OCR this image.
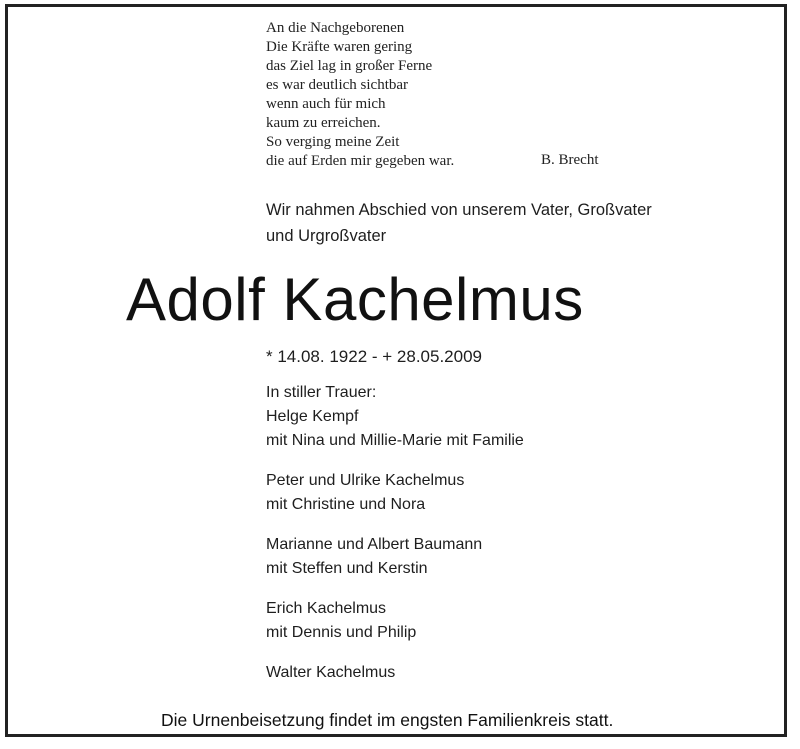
An die Nachgeborenen
Die Kräfte waren gering
das Ziel lag in großer Ferne
es war deutlich sichtbar
wenn auch für mich
kaum zu erreichen.
So verging meine Zeit
die auf Erden mir gegeben war.	B. Brecht
Wir nahmen Abschied von unserem Vater, Großvater
und Urgroßvater
Adolf Kachelmus
* 14.08. 1922 - + 28.05.2009
In stiller Trauer:
Helge Kempf
mit Nina und Millie-Marie mit Familie
Peter und Ulrike Kachelmus
mit Christine und Nora
Marianne und Albert Baumann
mit Steffen und Kerstin
Erich Kachelmus
mit Dennis und Philip
Walter Kachelmus
Die Urnenbeisetzung findet im engsten Familienkreis statt.
